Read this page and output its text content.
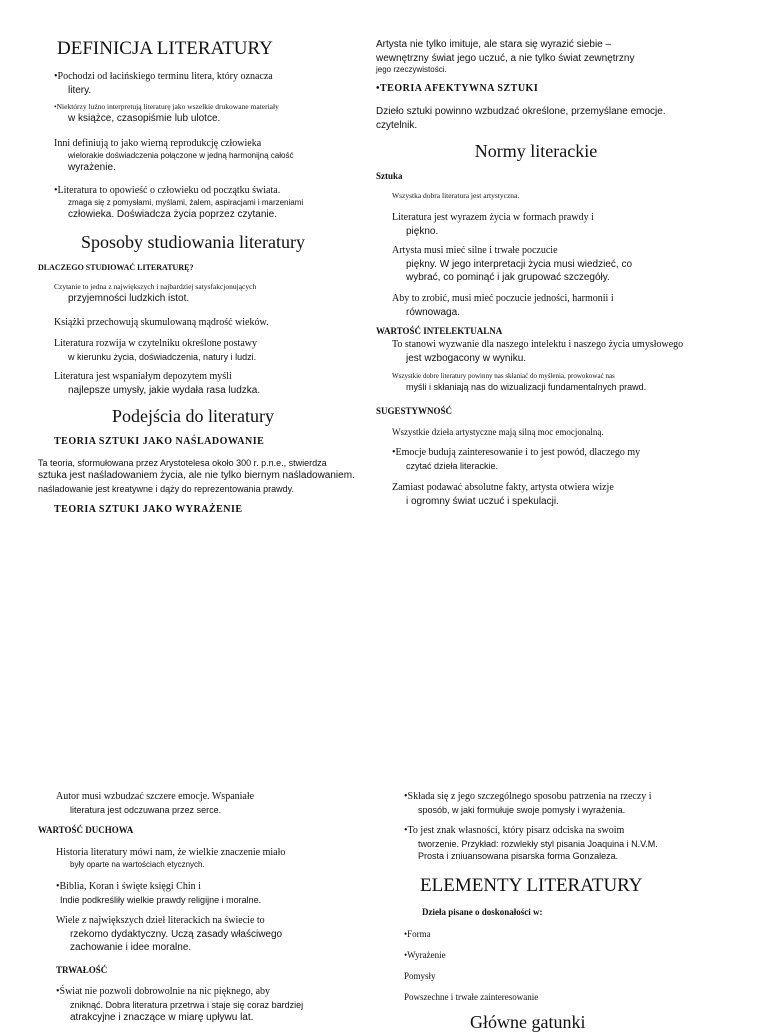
DEFINICJA LITERATURY

•Pochodzi od łacińskiego terminu litera, który oznacza

litery.

•Niektórzy luźno interpretują literaturę jako wszelkie drukowane materiały

w książce, czasopiśmie lub ulotce.

Inni definiują to jako wierną reprodukcję człowieka

wielorakie doświadczenia połączone w jedną harmonijną całość

wyrażenie.

•Literatura to opowieść o człowieku od początku świata.

zmaga się z pomysłami, myślami, żalem, aspiracjami i marzeniami

człowieka. Doświadcza życia poprzez czytanie.

Sposoby studiowania literatury

DLACZEGO STUDIOWAĆ LITERATURĘ?

Czytanie to jedna z największych i najbardziej satysfakcjonujących

przyjemności ludzkich istot.

Książki przechowują skumulowaną mądrość wieków.

Literatura rozwija w czytelniku określone postawy

w kierunku życia, doświadczenia, natury i ludzi.

Literatura jest wspaniałym depozytem myśli

najlepsze umysły, jakie wydała rasa ludzka.

Podejścia do literatury

TEORIA SZTUKI JAKO NAŚLADOWANIE

Ta teoria, sformułowana przez Arystotelesa około 300 r. p.n.e., stwierdza

sztuka jest naśladowaniem życia, ale nie tylko biernym naśladowaniem.

naśladowanie jest kreatywne i dąży do reprezentowania prawdy.

TEORIA SZTUKI JAKO WYRAŻENIE

Artysta nie tylko imituje, ale stara się wyrazić siebie –

wewnętrzny świat jego uczuć, a nie tylko świat zewnętrzny

jego rzeczywistości.

•TEORIA AFEKTYWNA SZTUKI

Dzieło sztuki powinno wzbudzać określone, przemyślane emocje.

czytelnik.

Normy literackie

Sztuka

Wszystka dobra literatura jest artystyczna.

Literatura jest wyrazem życia w formach prawdy i

piękno.

Artysta musi mieć silne i trwałe poczucie

piękny. W jego interpretacji życia musi wiedzieć, co

wybrać, co pominąć i jak grupować szczegóły.

Aby to zrobić, musi mieć poczucie jedności, harmonii i

równowaga.

WARTOŚĆ INTELEKTUALNA

To stanowi wyzwanie dla naszego intelektu i naszego życia umysłowego

jest wzbogacony w wyniku.

Wszystkie dobre literatury powinny nas skłaniać do myślenia, prowokować nas

myśli i skłaniają nas do wizualizacji fundamentalnych prawd.

SUGESTYWNOŚĆ

Wszystkie dzieła artystyczne mają silną moc emocjonalną.

•Emocje budują zainteresowanie i to jest powód, dlaczego my

czytać dzieła literackie.

Zamiast podawać absolutne fakty, artysta otwiera wizje

i ogromny świat uczuć i spekulacji.

Autor musi wzbudzać szczere emocje. Wspaniałe

literatura jest odczuwana przez serce.

WARTOŚĆ DUCHOWA

Historia literatury mówi nam, że wielkie znaczenie miało

były oparte na wartościach etycznych.

•Biblia, Koran i święte księgi Chin i

Indie podkreśliły wielkie prawdy religijne i moralne.

Wiele z największych dzieł literackich na świecie to

rzekomo dydaktyczny. Uczą zasady właściwego

zachowanie i idee moralne.

TRWAŁOŚĆ

•Świat nie pozwoli dobrowolnie na nic pięknego, aby

zniknąć. Dobra literatura przetrwa i staje się coraz bardziej

atrakcyjne i znaczące w miarę upływu lat.

•Składa się z jego szczególnego sposobu patrzenia na rzeczy i

sposób, w jaki formułuje swoje pomysły i wyrażenia.

•To jest znak własności, który pisarz odciska na swoim

tworzenie. Przykład: rozwlekły styl pisania Joaquina i N.V.M.

Prosta i zniuansowana pisarska forma Gonzaleza.

ELEMENTY LITERATURY

Dzieła pisane o doskonałości w:

•Forma

•Wyrażenie

Pomysły

Powszechne i trwałe zainteresowanie

Główne gatunki
